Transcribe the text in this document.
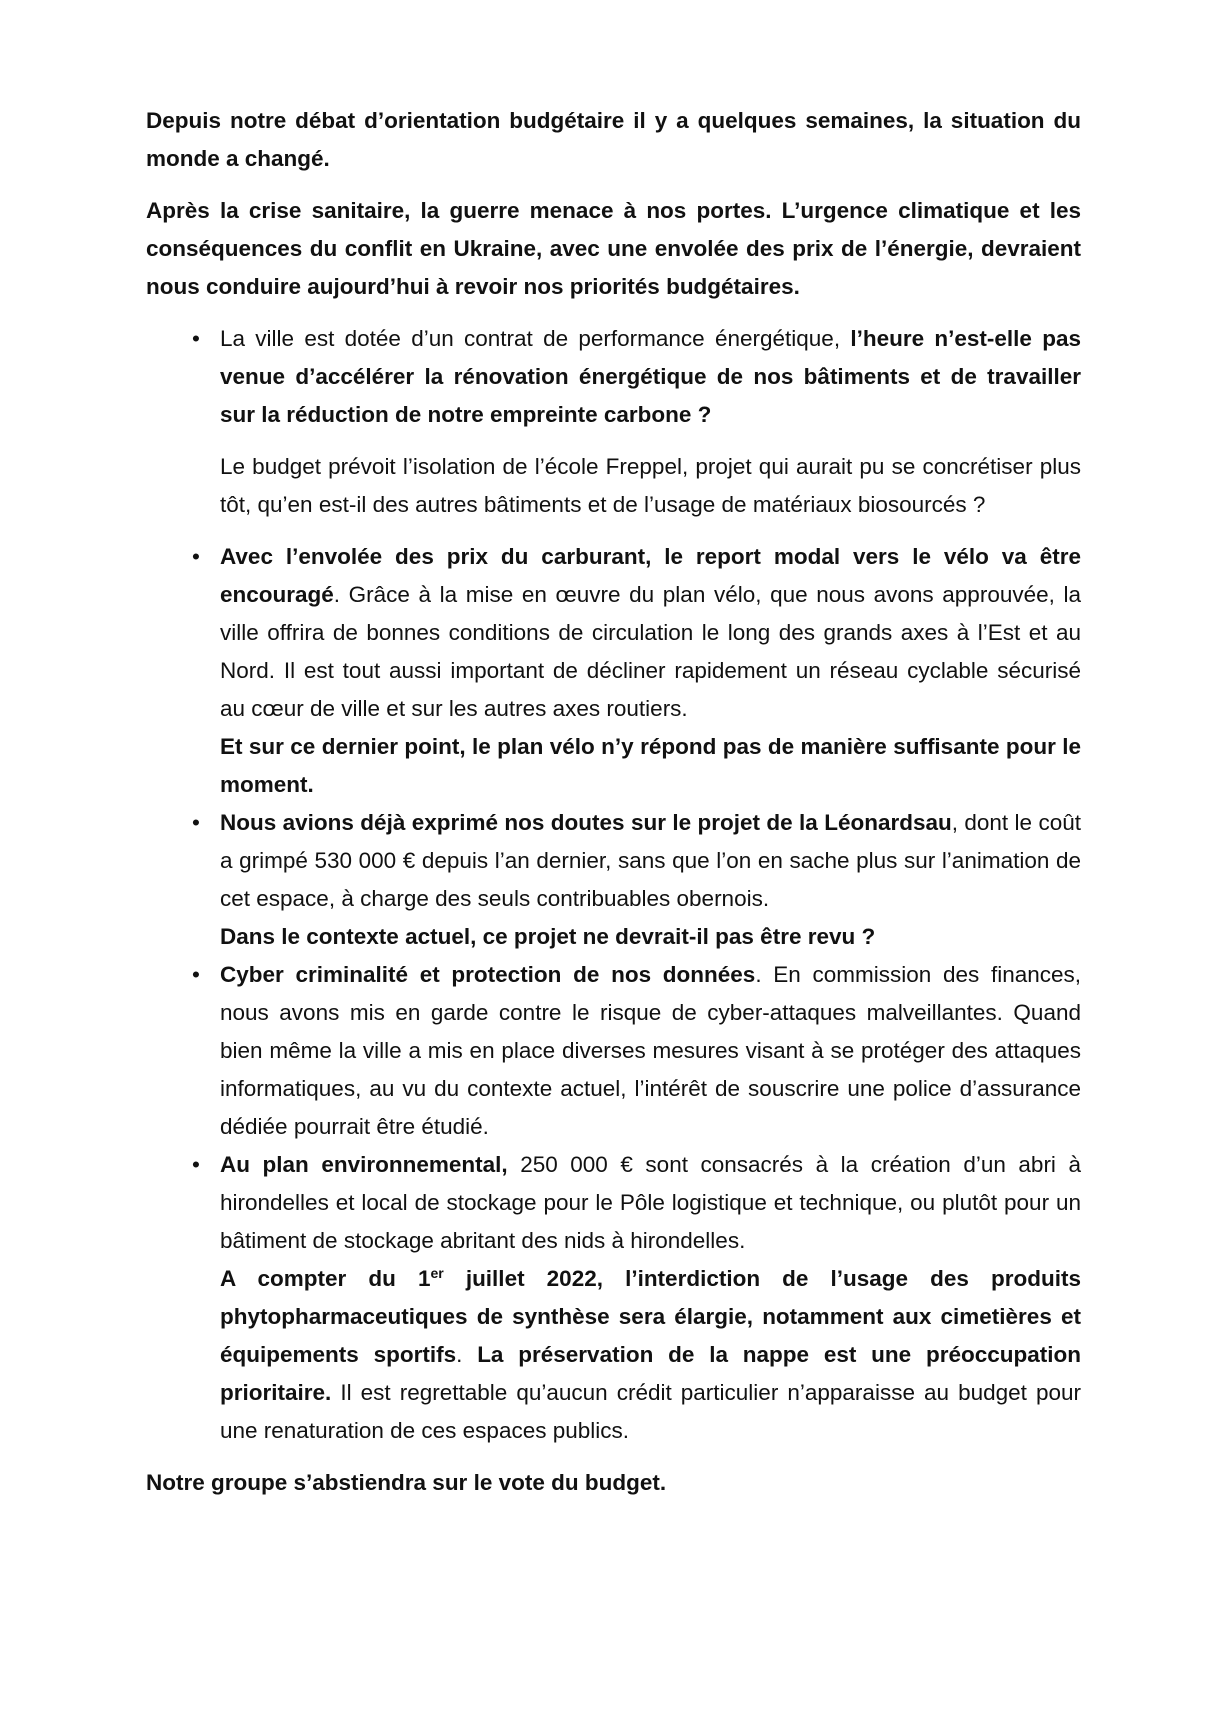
Depuis notre débat d’orientation budgétaire il y a quelques semaines, la situation du monde a changé.

Après la crise sanitaire, la guerre menace à nos portes. L’urgence climatique et les conséquences du conflit en Ukraine, avec une envolée des prix de l’énergie, devraient nous conduire aujourd’hui à revoir nos priorités budgétaires.

• La ville est dotée d’un contrat de performance énergétique, l’heure n’est-elle pas venue d’accélérer la rénovation énergétique de nos bâtiments et de travailler sur la réduction de notre empreinte carbone ?

Le budget prévoit l’isolation de l’école Freppel, projet qui aurait pu se concrétiser plus tôt, qu’en est-il des autres bâtiments et de l’usage de matériaux biosourcés ?

• Avec l’envolée des prix du carburant, le report modal vers le vélo va être encouragé. Grâce à la mise en œuvre du plan vélo, que nous avons approuvée, la ville offrira de bonnes conditions de circulation le long des grands axes à l’Est et au Nord. Il est tout aussi important de décliner rapidement un réseau cyclable sécurisé au cœur de ville et sur les autres axes routiers.

Et sur ce dernier point, le plan vélo n’y répond pas de manière suffisante pour le moment.

• Nous avions déjà exprimé nos doutes sur le projet de la Léonardsau, dont le coût a grimpé 530 000 € depuis l’an dernier, sans que l’on en sache plus sur l’animation de cet espace, à charge des seuls contribuables obernois.

Dans le contexte actuel, ce projet ne devrait-il pas être revu ?

• Cyber criminalité et protection de nos données. En commission des finances, nous avons mis en garde contre le risque de cyber-attaques malveillantes. Quand bien même la ville a mis en place diverses mesures visant à se protéger des attaques informatiques, au vu du contexte actuel, l’intérêt de souscrire une police d’assurance dédiée pourrait être étudié.

• Au plan environnemental, 250 000 € sont consacrés à la création d’un abri à hirondelles et local de stockage pour le Pôle logistique et technique, ou plutôt pour un bâtiment de stockage abritant des nids à hirondelles.

A compter du 1er juillet 2022, l’interdiction de l’usage des produits phytopharmaceutiques de synthèse sera élargie, notamment aux cimetières et équipements sportifs. La préservation de la nappe est une préoccupation prioritaire. Il est regrettable qu’aucun crédit particulier n’apparaisse au budget pour une renaturation de ces espaces publics.

Notre groupe s’abstiendra sur le vote du budget.
